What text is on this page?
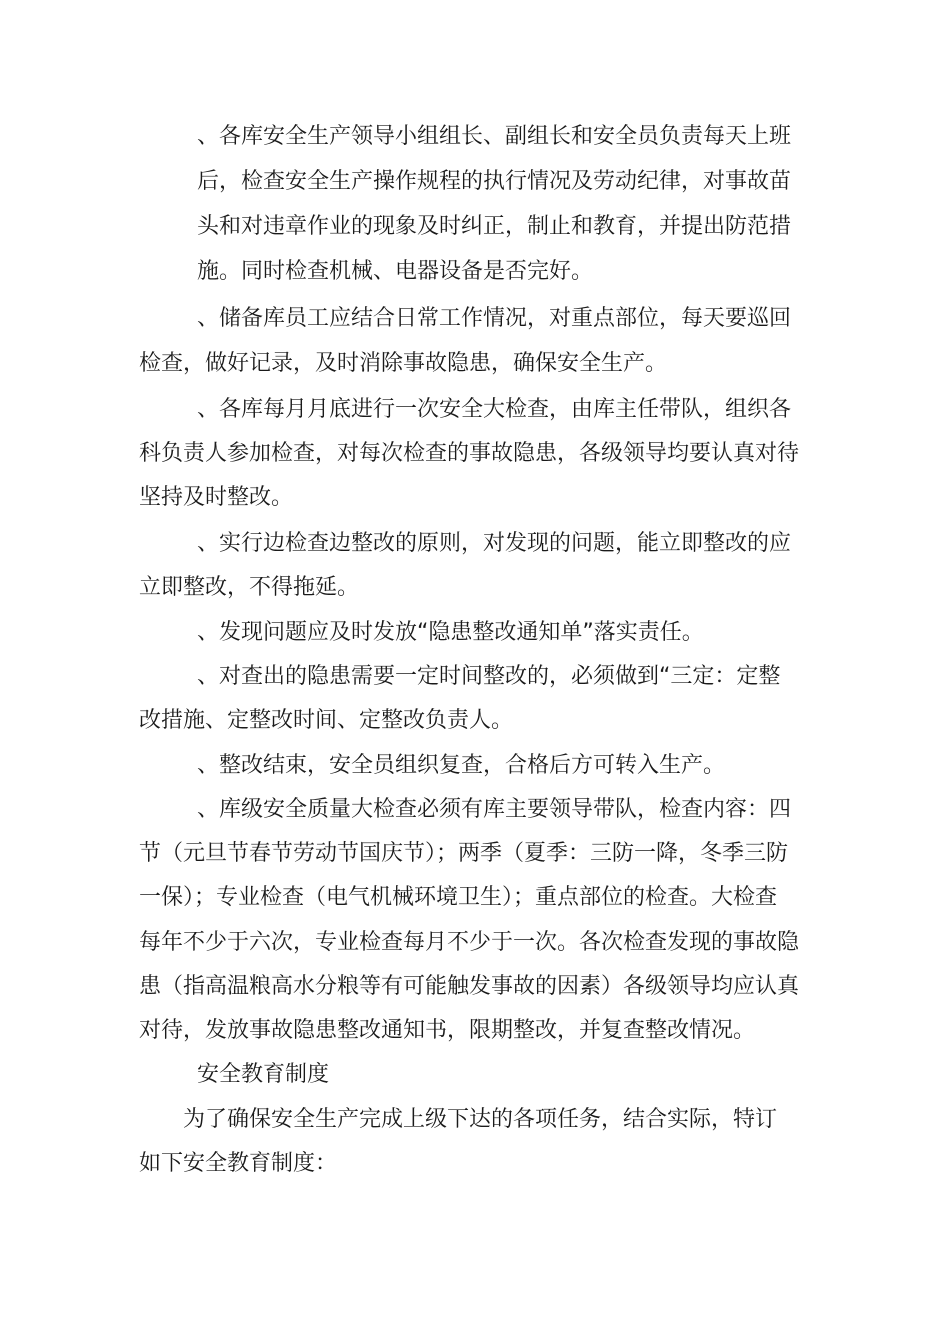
、各库安全生产领导小组组长、副组长和安全员负责每天上班
后，检查安全生产操作规程的执行情况及劳动纪律，对事故苗
头和对违章作业的现象及时纠正，制止和教育，并提出防范措
施。同时检查机械、电器设备是否完好。
、储备库员工应结合日常工作情况，对重点部位，每天要巡回
检查，做好记录，及时消除事故隐患，确保安全生产。
、各库每月月底进行一次安全大检查，由库主任带队，组织各
科负责人参加检查，对每次检查的事故隐患，各级领导均要认真对待
坚持及时整改。
、实行边检查边整改的原则，对发现的问题，能立即整改的应
立即整改，不得拖延。
、发现问题应及时发放“隐患整改通知单”落实责任。
、对查出的隐患需要一定时间整改的，必须做到“三定：定整
改措施、定整改时间、定整改负责人。
、整改结束，安全员组织复查，合格后方可转入生产。
、库级安全质量大检查必须有库主要领导带队，检查内容：四
节（元旦节春节劳动节国庆节）；两季（夏季：三防一降，冬季三防
一保）；专业检查（电气机械环境卫生）；重点部位的检查。大检查
每年不少于六次，专业检查每月不少于一次。各次检查发现的事故隐
患（指高温粮高水分粮等有可能触发事故的因素）各级领导均应认真
对待，发放事故隐患整改通知书，限期整改，并复查整改情况。
安全教育制度
为了确保安全生产完成上级下达的各项任务，结合实际，特订
如下安全教育制度：
